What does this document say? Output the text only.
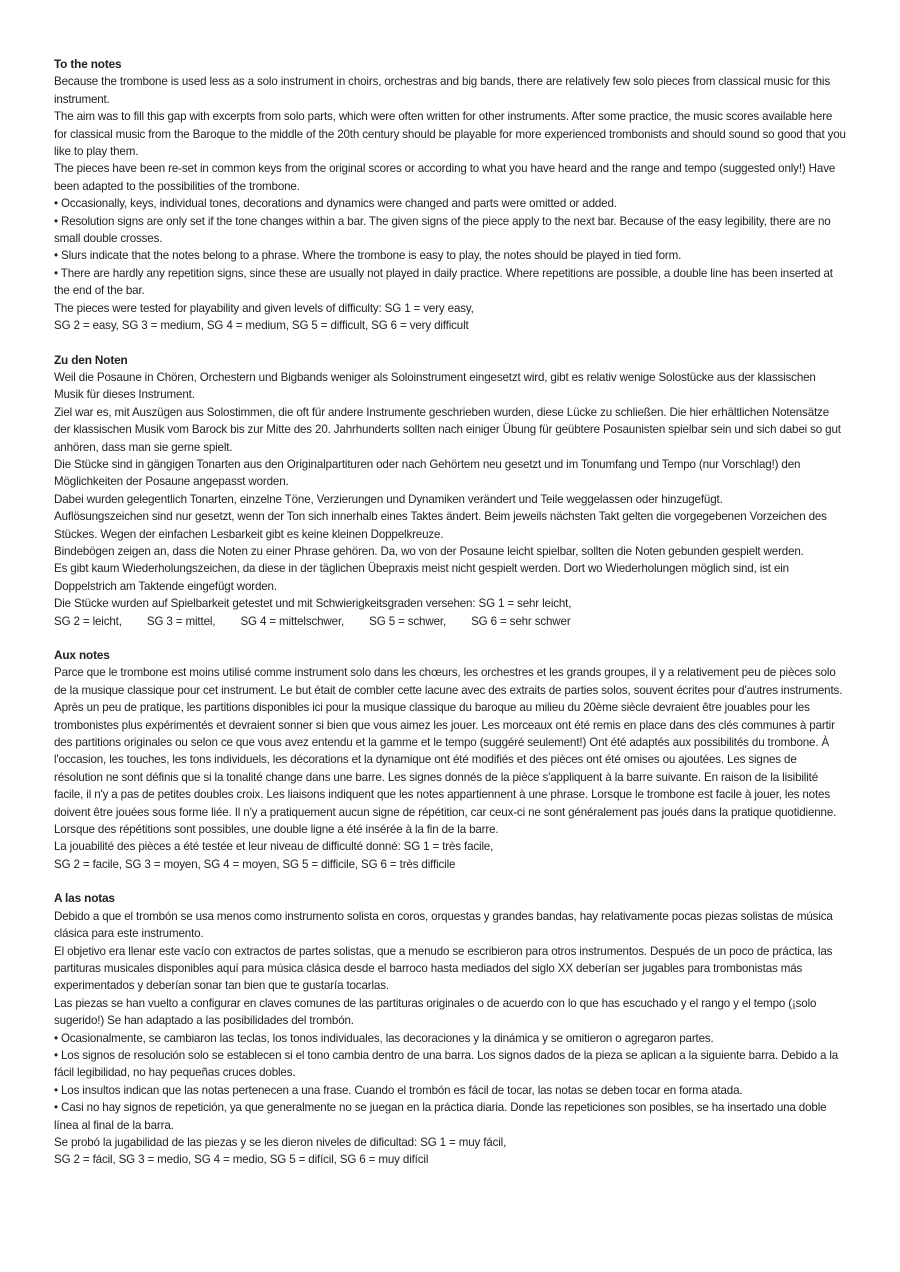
To the notes

Because the trombone is used less as a solo instrument in choirs, orchestras and big bands, there are relatively few solo pieces from classical music for this instrument.

The aim was to fill this gap with excerpts from solo parts, which were often written for other instruments. After some practice, the music scores available here for classical music from the Baroque to the middle of the 20th century should be playable for more experienced trombonists and should sound so good that you like to play them.

The pieces have been re-set in common keys from the original scores or according to what you have heard and the range and tempo (suggested only!) Have been adapted to the possibilities of the trombone.

• Occasionally, keys, individual tones, decorations and dynamics were changed and parts were omitted or added.

• Resolution signs are only set if the tone changes within a bar. The given signs of the piece apply to the next bar. Because of the easy legibility, there are no small double crosses.

• Slurs indicate that the notes belong to a phrase. Where the trombone is easy to play, the notes should be played in tied form.

• There are hardly any repetition signs, since these are usually not played in daily practice. Where repetitions are possible, a double line has been inserted at the end of the bar.

The pieces were tested for playability and given levels of difficulty: SG 1 = very easy,

SG 2 = easy, SG 3 = medium, SG 4 = medium, SG 5 = difficult, SG 6 = very difficult

Zu den Noten

Weil die Posaune in Chören, Orchestern und Bigbands weniger als Soloinstrument eingesetzt wird, gibt es relativ wenige Solostücke aus der klassischen Musik für dieses Instrument.

Ziel war es, mit Auszügen aus Solostimmen, die oft für andere Instrumente geschrieben wurden, diese Lücke zu schließen. Die hier erhältlichen Notensätze der klassischen Musik vom Barock bis zur Mitte des 20. Jahrhunderts sollten nach einiger Übung für geübtere Posaunisten spielbar sein und sich dabei so gut anhören, dass man sie gerne spielt.

Die Stücke sind in gängigen Tonarten aus den Originalpartituren oder nach Gehörtem neu gesetzt und im Tonumfang und Tempo (nur Vorschlag!) den Möglichkeiten der Posaune angepasst worden.

Dabei wurden gelegentlich Tonarten, einzelne Töne, Verzierungen und Dynamiken verändert und Teile weggelassen oder hinzugefügt.

Auflösungszeichen sind nur gesetzt, wenn der Ton sich innerhalb eines Taktes ändert. Beim jeweils nächsten Takt gelten die vorgegebenen Vorzeichen des Stückes. Wegen der einfachen Lesbarkeit gibt es keine kleinen Doppelkreuze.

Bindebögen zeigen an, dass die Noten zu einer Phrase gehören. Da, wo von der Posaune leicht spielbar, sollten die Noten gebunden gespielt werden.

Es gibt kaum Wiederholungszeichen, da diese in der täglichen Übepraxis meist nicht gespielt werden. Dort wo Wiederholungen möglich sind, ist ein Doppelstrich am Taktende eingefügt worden.

Die Stücke wurden auf Spielbarkeit getestet und mit Schwierigkeitsgraden versehen: SG 1 = sehr leicht,

SG 2 = leicht, SG 3 = mittel, SG 4 = mittelschwer, SG 5 = schwer, SG 6 = sehr schwer

Aux notes

Parce que le trombone est moins utilisé comme instrument solo dans les chœurs, les orchestres et les grands groupes, il y a relativement peu de pièces solo de la musique classique pour cet instrument. Le but était de combler cette lacune avec des extraits de parties solos, souvent écrites pour d'autres instruments. Après un peu de pratique, les partitions disponibles ici pour la musique classique du baroque au milieu du 20ème siècle devraient être jouables pour les trombonistes plus expérimentés et devraient sonner si bien que vous aimez les jouer. Les morceaux ont été remis en place dans des clés communes à partir des partitions originales ou selon ce que vous avez entendu et la gamme et le tempo (suggéré seulement!) Ont été adaptés aux possibilités du trombone. À l'occasion, les touches, les tons individuels, les décorations et la dynamique ont été modifiés et des pièces ont été omises ou ajoutées. Les signes de résolution ne sont définis que si la tonalité change dans une barre. Les signes donnés de la pièce s'appliquent à la barre suivante. En raison de la lisibilité facile, il n'y a pas de petites doubles croix. Les liaisons indiquent que les notes appartiennent à une phrase. Lorsque le trombone est facile à jouer, les notes doivent être jouées sous forme liée. Il n'y a pratiquement aucun signe de répétition, car ceux-ci ne sont généralement pas joués dans la pratique quotidienne. Lorsque des répétitions sont possibles, une double ligne a été insérée à la fin de la barre.

La jouabilité des pièces a été testée et leur niveau de difficulté donné: SG 1 = très facile,

SG 2 = facile, SG 3 = moyen, SG 4 = moyen, SG 5 = difficile, SG 6 = très difficile

A las notas

Debido a que el trombón se usa menos como instrumento solista en coros, orquestas y grandes bandas, hay relativamente pocas piezas solistas de música clásica para este instrumento.

El objetivo era llenar este vacío con extractos de partes solistas, que a menudo se escribieron para otros instrumentos. Después de un poco de práctica, las partituras musicales disponibles aquí para música clásica desde el barroco hasta mediados del siglo XX deberían ser jugables para trombonistas más experimentados y deberían sonar tan bien que te gustaría tocarlas.

Las piezas se han vuelto a configurar en claves comunes de las partituras originales o de acuerdo con lo que has escuchado y el rango y el tempo (¡solo sugerido!) Se han adaptado a las posibilidades del trombón.

• Ocasionalmente, se cambiaron las teclas, los tonos individuales, las decoraciones y la dinámica y se omitieron o agregaron partes.

• Los signos de resolución solo se establecen si el tono cambia dentro de una barra. Los signos dados de la pieza se aplican a la siguiente barra. Debido a la fácil legibilidad, no hay pequeñas cruces dobles.

• Los insultos indican que las notas pertenecen a una frase. Cuando el trombón es fácil de tocar, las notas se deben tocar en forma atada.

• Casi no hay signos de repetición, ya que generalmente no se juegan en la práctica diaria. Donde las repeticiones son posibles, se ha insertado una doble línea al final de la barra.

Se probó la jugabilidad de las piezas y se les dieron niveles de dificultad: SG 1 = muy fácil,

SG 2 = fácil, SG 3 = medio, SG 4 = medio, SG 5 = difícil, SG 6 = muy difícil
